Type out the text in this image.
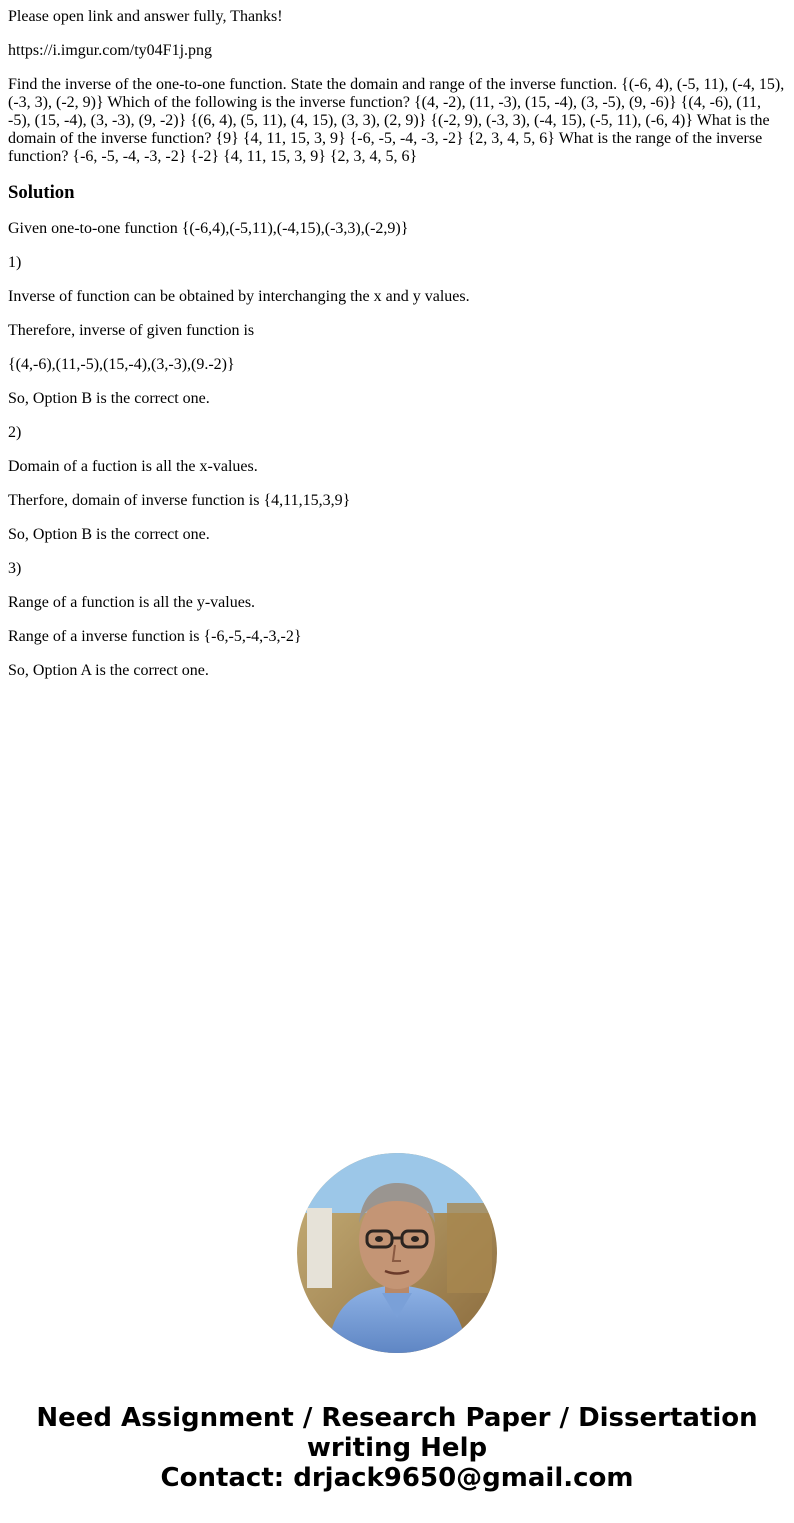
Please open link and answer fully, Thanks!

https://i.imgur.com/ty04F1j.png

Find the inverse of the one-to-one function. State the domain and range of the inverse function. {(-6, 4), (-5, 11), (-4, 15), (-3, 3), (-2, 9)} Which of the following is the inverse function? {(4, -2), (11, -3), (15, -4), (3, -5), (9, -6)} {(4, -6), (11, -5), (15, -4), (3, -3), (9, -2)} {(6, 4), (5, 11), (4, 15), (3, 3), (2, 9)} {(-2, 9), (-3, 3), (-4, 15), (-5, 11), (-6, 4)} What is the domain of the inverse function? {9} {4, 11, 15, 3, 9} {-6, -5, -4, -3, -2} {2, 3, 4, 5, 6} What is the range of the inverse function? {-6, -5, -4, -3, -2} {-2} {4, 11, 15, 3, 9} {2, 3, 4, 5, 6}

Solution

Given one-to-one function {(-6,4),(-5,11),(-4,15),(-3,3),(-2,9)}

1)

Inverse of function can be obtained by interchanging the x and y values.

Therefore, inverse of given function is

{(4,-6),(11,-5),(15,-4),(3,-3),(9.-2)}

So, Option B is the correct one.

2)

Domain of a fuction is all the x-values.

Therfore, domain of inverse function is {4,11,15,3,9}

So, Option B is the correct one.

3)

Range of a function is all the y-values.

Range of a inverse function is {-6,-5,-4,-3,-2}

So, Option A is the correct one.

Need Assignment / Research Paper / Dissertation
writing Help
Contact: drjack9650@gmail.com
